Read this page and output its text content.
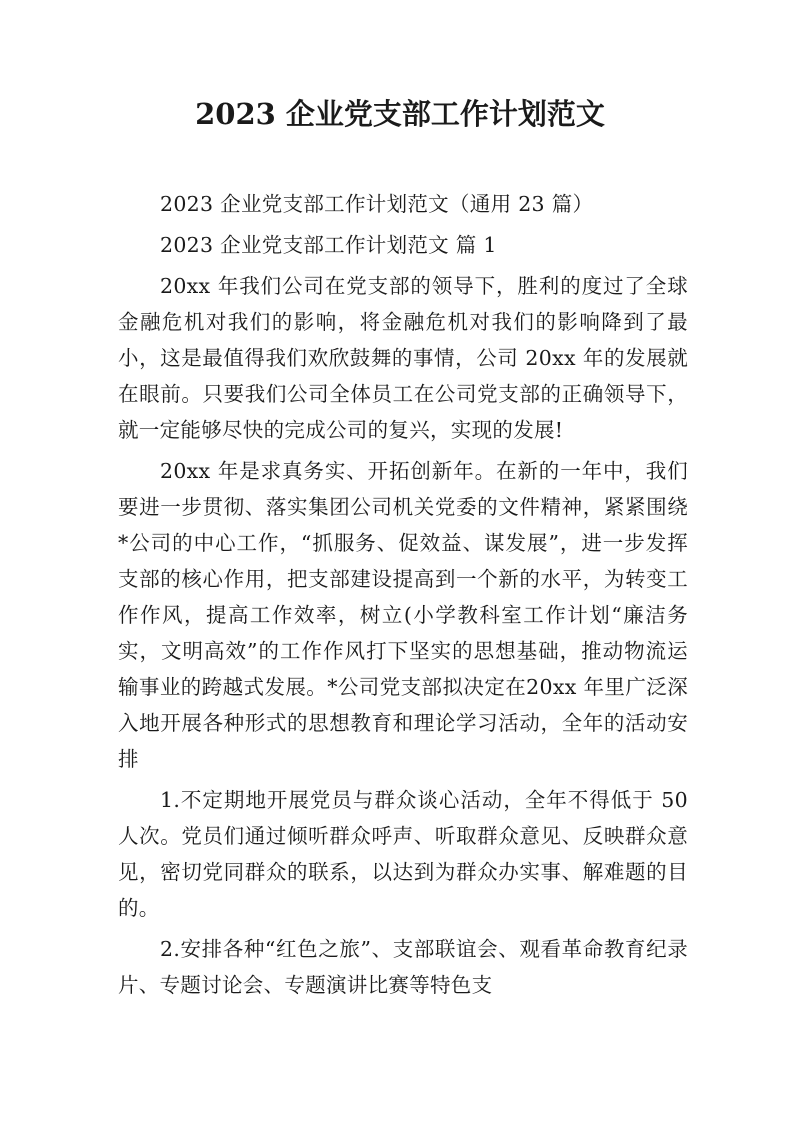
2023 企业党支部工作计划范文

2023 企业党支部工作计划范文（通用 23 篇）

2023 企业党支部工作计划范文 篇 1

20xx 年我们公司在党支部的领导下，胜利的度过了全球金融危机对我们的影响，将金融危机对我们的影响降到了最小，这是最值得我们欢欣鼓舞的事情，公司 20xx 年的发展就在眼前。只要我们公司全体员工在公司党支部的正确领导下，就一定能够尽快的完成公司的复兴，实现的发展!

20xx 年是求真务实、开拓创新年。在新的一年中，我们要进一步贯彻、落实集团公司机关党委的文件精神，紧紧围绕*公司的中心工作，“抓服务、促效益、谋发展”，进一步发挥支部的核心作用，把支部建设提高到一个新的水平，为转变工作作风，提高工作效率，树立(小学教科室工作计划“廉洁务实，文明高效”的工作作风打下坚实的思想基础，推动物流运输事业的跨越式发展。*公司党支部拟决定在20xx 年里广泛深入地开展各种形式的思想教育和理论学习活动，全年的活动安排

1.不定期地开展党员与群众谈心活动，全年不得低于 50人次。党员们通过倾听群众呼声、听取群众意见、反映群众意见，密切党同群众的联系，以达到为群众办实事、解难题的目的。

2.安排各种“红色之旅”、支部联谊会、观看革命教育纪录片、专题讨论会、专题演讲比赛等特色支
